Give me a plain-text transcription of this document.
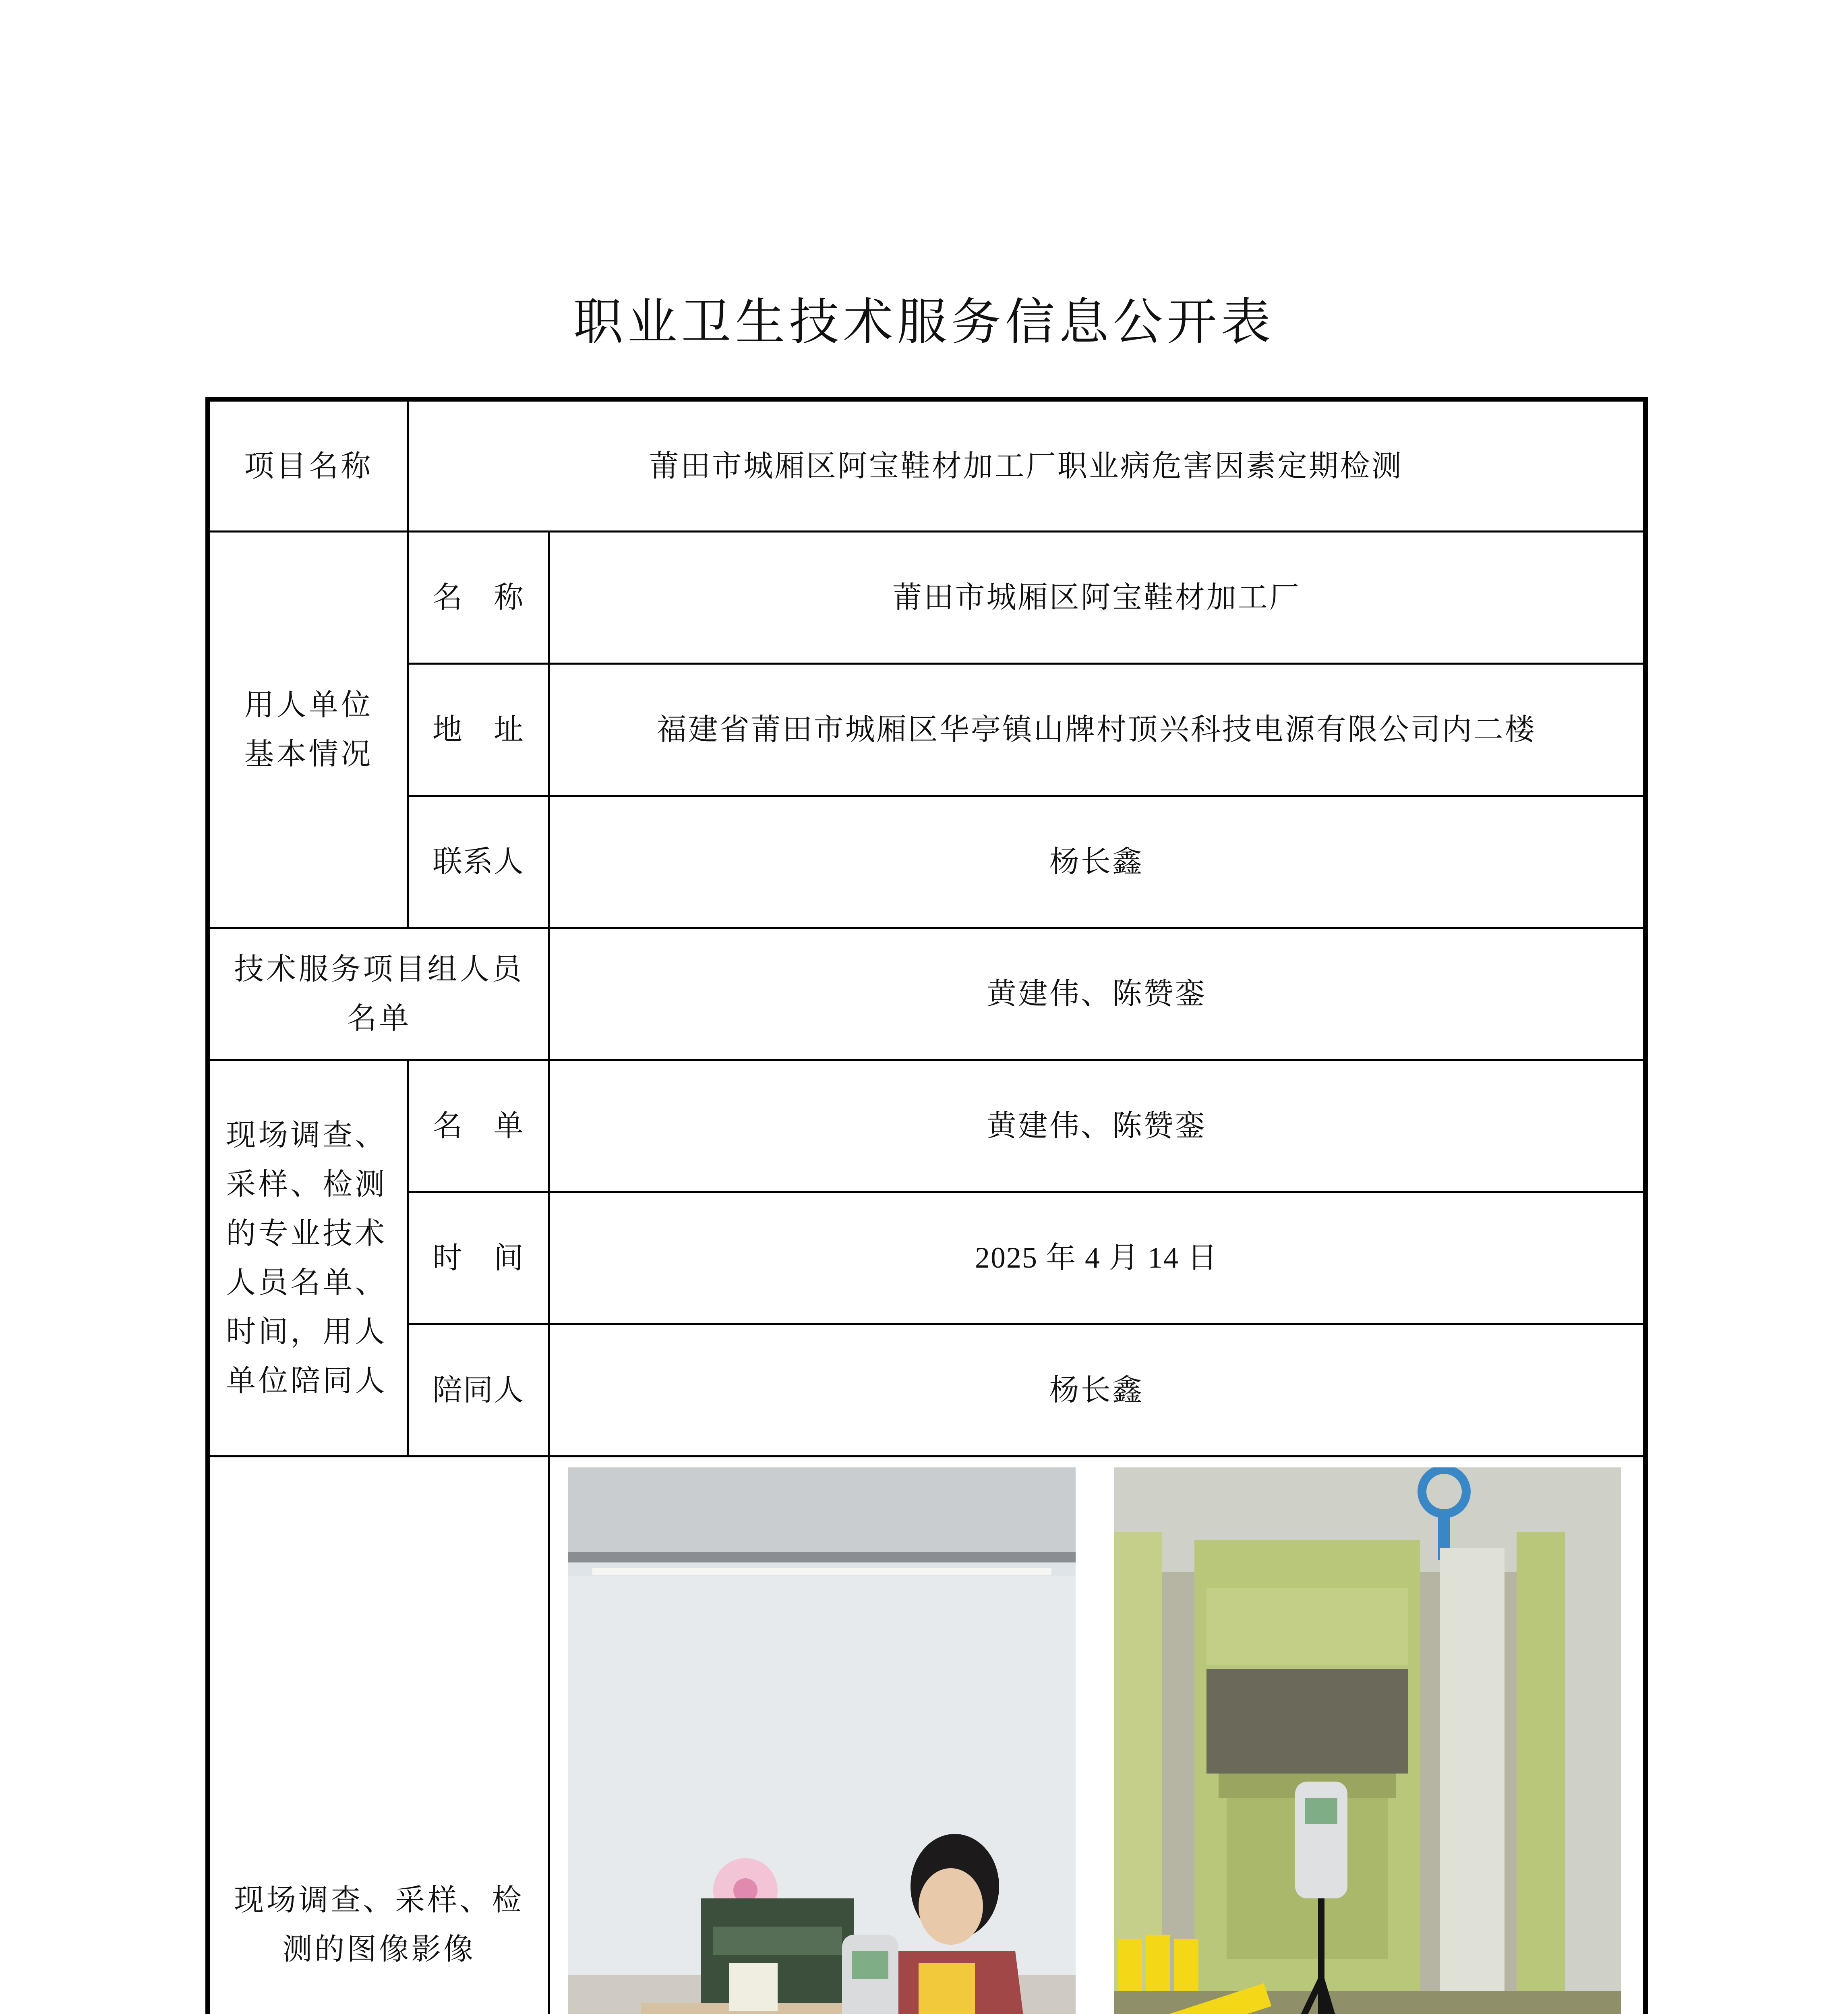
职业卫生技术服务信息公开表
项目名称	莆田市城厢区阿宝鞋材加工厂职业病危害因素定期检测	

用人单位基本情况	名　称	莆田市城厢区阿宝鞋材加工厂
	地　址	福建省莆田市城厢区华亭镇山牌村顶兴科技电源有限公司内二楼
	联系人	杨长鑫

技术服务项目组人员名单		黄建伟、陈赞銮

现场调查、采样、检测的专业技术人员名单、时间，用人单位陪同人	名　单	黄建伟、陈赞銮
	时　间	2025 年 4 月 14 日
	陪同人	杨长鑫

现场调查、采样、检测的图像影像
